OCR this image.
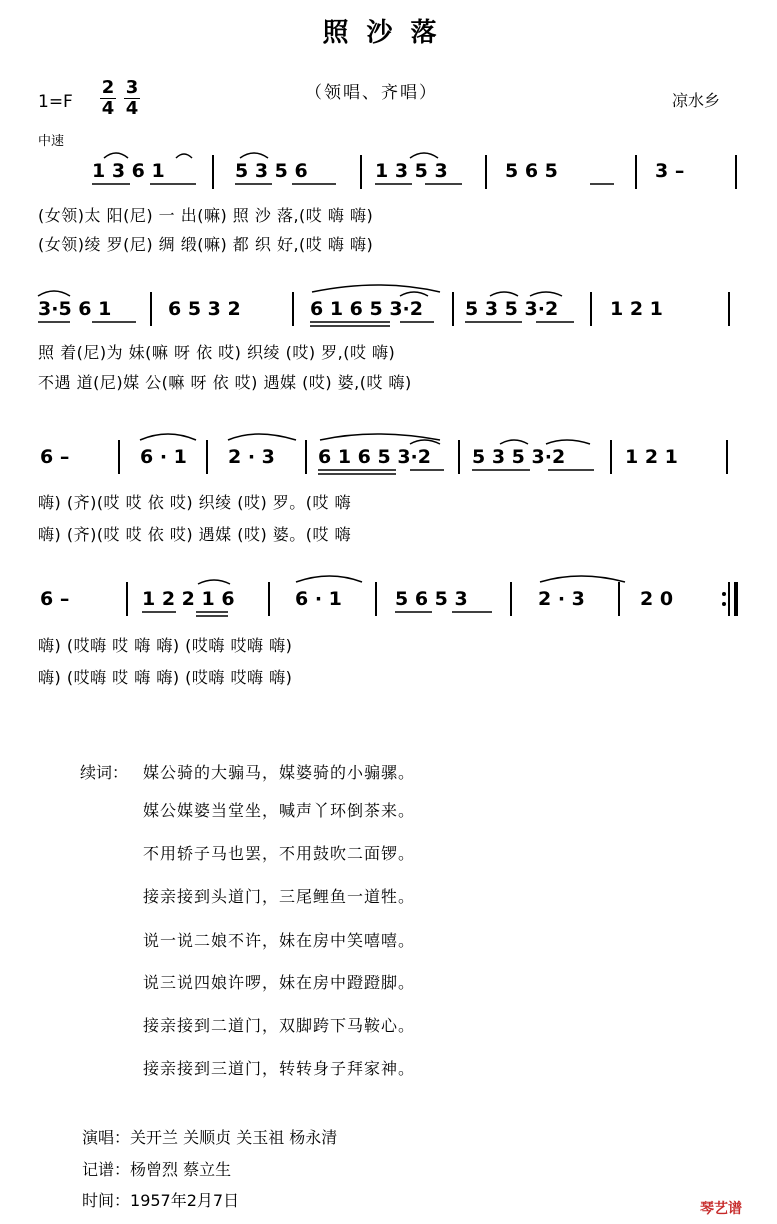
照沙落
1=F
2
4
3
4
（领唱、齐唱）	凉水乡
中速
1 3 6 1	5 3 5 6	1 3 5 3	5 6 5	3 –
(女领)太 阳(尼) 一 出(嘛) 照 沙 落,(哎 嗨 嗨)
(女领)绫 罗(尼) 绸 缎(嘛) 都 织 好,(哎 嗨 嗨)
3·5 6 1	6 5 3 2	6 1 6 5 3·2 5 3 5 3·2	1 2 1
照 着(尼)为 妹(嘛 呀 依 哎) 织绫 (哎) 罗,(哎 嗨)
不遇 道(尼)媒 公(嘛 呀 依 哎) 遇媒 (哎) 婆,(哎 嗨)
6 –	6 · 1 2 · 3 6 1 6 5 3·2 5 3 5 3·2	1 2 1
嗨) (齐)(哎 哎 依 哎) 织绫 (哎) 罗。(哎 嗨
嗨) (齐)(哎 哎 依 哎) 遇媒 (哎) 婆。(哎 嗨
6 –	1 2 2 1 6	6 · 1	5 6 5 3	2 · 3	2 0
嗨) (哎嗨 哎 嗨 嗨) (哎嗨 哎嗨 嗨)
嗨) (哎嗨 哎 嗨 嗨) (哎嗨 哎嗨 嗨)
续词： 媒公骑的大骟马，媒婆骑的小骟骡。
媒公媒婆当堂坐，喊声丫环倒茶来。
不用轿子马也罢，不用鼓吹二面锣。
接亲接到头道门，三尾鲤鱼一道牲。
说一说二娘不许，妹在房中笑嘻嘻。
说三说四娘许啰，妹在房中蹬蹬脚。
接亲接到二道门，双脚跨下马鞍心。
接亲接到三道门，转转身子拜家神。
演唱：关开兰 关顺贞 关玉祖 杨永清
记谱：杨曾烈 蔡立生
时间：1957年2月7日	琴艺谱
